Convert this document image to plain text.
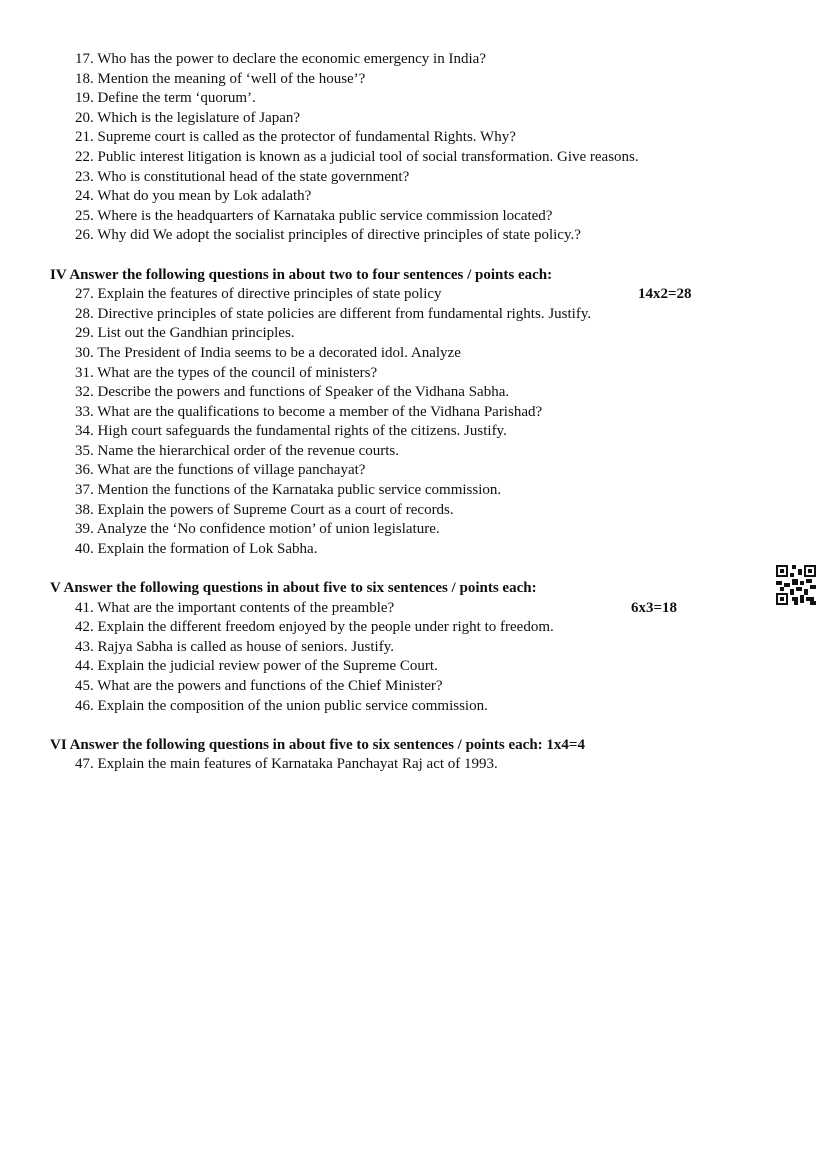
17. Who has the power to declare the economic emergency in India?
18. Mention the meaning of ‘well of the house’?
19. Define the term ‘quorum’.
20. Which is the legislature of Japan?
21. Supreme court is called as the protector of fundamental Rights. Why?
22. Public interest litigation is known as a judicial tool of social transformation. Give reasons.
23. Who is constitutional head of the state government?
24. What do you mean by Lok adalath?
25. Where is the headquarters of Karnataka public service commission located?
26. Why did We adopt the socialist principles of directive principles of state policy.?
IV Answer the following questions in about two to four sentences / points each:
14x2=28
27. Explain the features of directive principles of state policy
28. Directive principles of state policies are different from fundamental rights. Justify.
29. List out the Gandhian principles.
30. The President of India seems to be a decorated idol. Analyze
31. What are the types of the council of ministers?
32. Describe the powers and functions of Speaker of the Vidhana Sabha.
33. What are the qualifications to become a member of the Vidhana Parishad?
34. High court safeguards the fundamental rights of the citizens. Justify.
35. Name the hierarchical order of the revenue courts.
36. What are the functions of village panchayat?
37. Mention the functions of the Karnataka public service commission.
38. Explain the powers of Supreme Court as a court of records.
39. Analyze the ‘No confidence motion’ of union legislature.
40. Explain the formation of Lok Sabha.
V Answer the following questions in about five to six sentences / points each:
6x3=18
41. What are the important contents of the preamble?
42. Explain the different freedom enjoyed by the people under right to freedom.
43. Rajya Sabha is called as house of seniors. Justify.
44. Explain the judicial review power of the Supreme Court.
45. What are the powers and functions of the Chief Minister?
46. Explain the composition of the union public service commission.
VI Answer the following questions in about five to six sentences / points each: 1x4=4
47. Explain the main features of Karnataka Panchayat Raj act of 1993.
